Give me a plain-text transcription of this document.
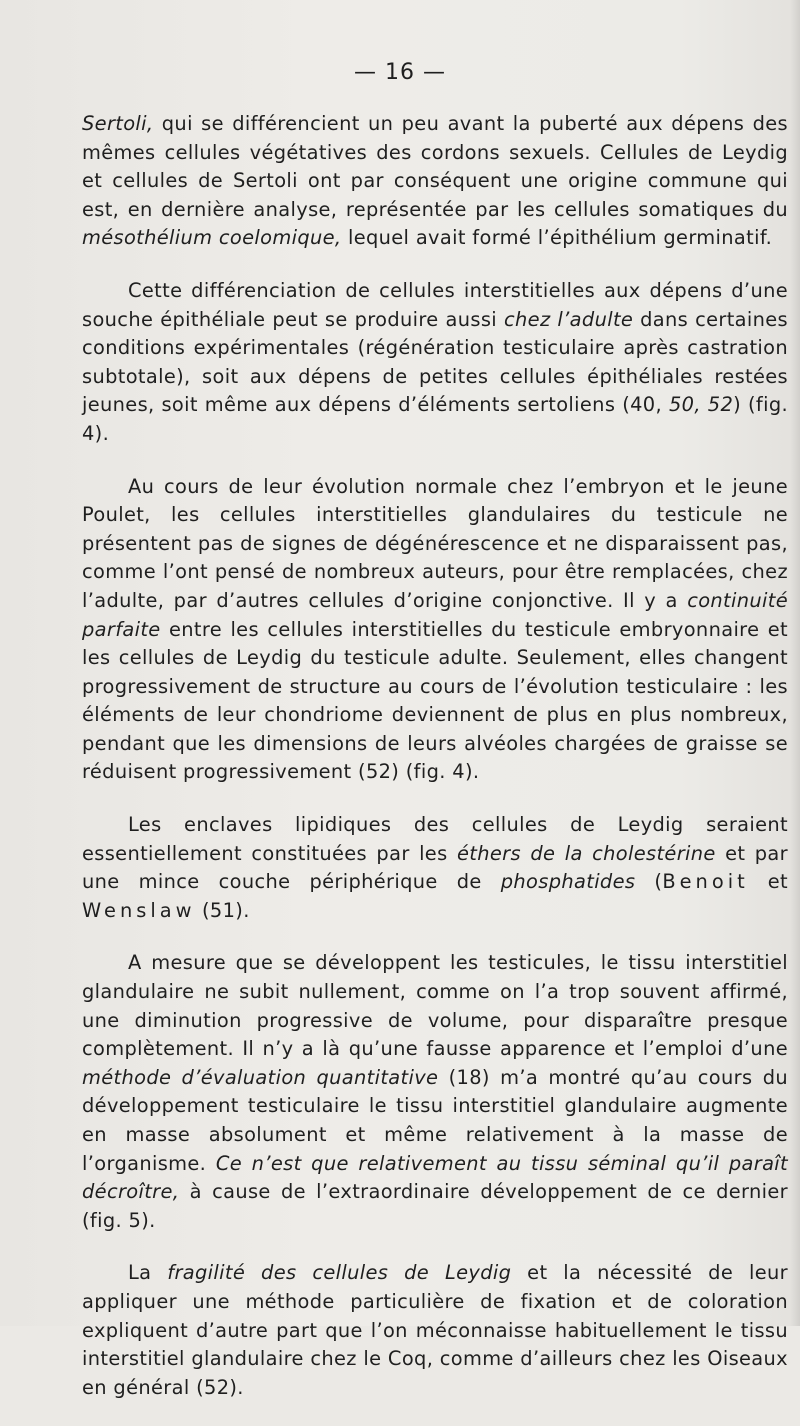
— 16 —

Sertoli, qui se différencient un peu avant la puberté aux dépens des mêmes cellules végétatives des cordons sexuels. Cellules de Leydig et cellules de Sertoli ont par conséquent une origine commune qui est, en dernière analyse, représentée par les cellules somatiques du mésothélium coelomique, lequel avait formé l’épithélium germinatif.

Cette différenciation de cellules interstitielles aux dépens d’une souche épithéliale peut se produire aussi chez l’adulte dans certaines conditions expérimentales (régénération testiculaire après castration subtotale), soit aux dépens de petites cellules épithéliales restées jeunes, soit même aux dépens d’éléments sertoliens (40, 50, 52) (fig. 4).

Au cours de leur évolution normale chez l’embryon et le jeune Poulet, les cellules interstitielles glandulaires du testicule ne présentent pas de signes de dégénérescence et ne disparaissent pas, comme l’ont pensé de nombreux auteurs, pour être remplacées, chez l’adulte, par d’autres cellules d’origine conjonctive. Il y a continuité parfaite entre les cellules interstitielles du testicule embryonnaire et les cellules de Leydig du testicule adulte. Seulement, elles changent progressivement de structure au cours de l’évolution testiculaire : les éléments de leur chondriome deviennent de plus en plus nombreux, pendant que les dimensions de leurs alvéoles chargées de graisse se réduisent progressivement (52) (fig. 4).

Les enclaves lipidiques des cellules de Leydig seraient essentiellement constituées par les éthers de la cholestérine et par une mince couche périphérique de phosphatides (Benoit et Wenslaw (51).

A mesure que se développent les testicules, le tissu interstitiel glandulaire ne subit nullement, comme on l’a trop souvent affirmé, une diminution progressive de volume, pour disparaître presque complètement. Il n’y a là qu’une fausse apparence et l’emploi d’une méthode d’évaluation quantitative (18) m’a montré qu’au cours du développement testiculaire le tissu interstitiel glandulaire augmente en masse absolument et même relativement à la masse de l’organisme. Ce n’est que relativement au tissu séminal qu’il paraît décroître, à cause de l’extraordinaire développement de ce dernier (fig. 5).

La fragilité des cellules de Leydig et la nécessité de leur appliquer une méthode particulière de fixation et de coloration expliquent d’autre part que l’on méconnaisse habituellement le tissu interstitiel glandulaire chez le Coq, comme d’ailleurs chez les Oiseaux en général (52).
